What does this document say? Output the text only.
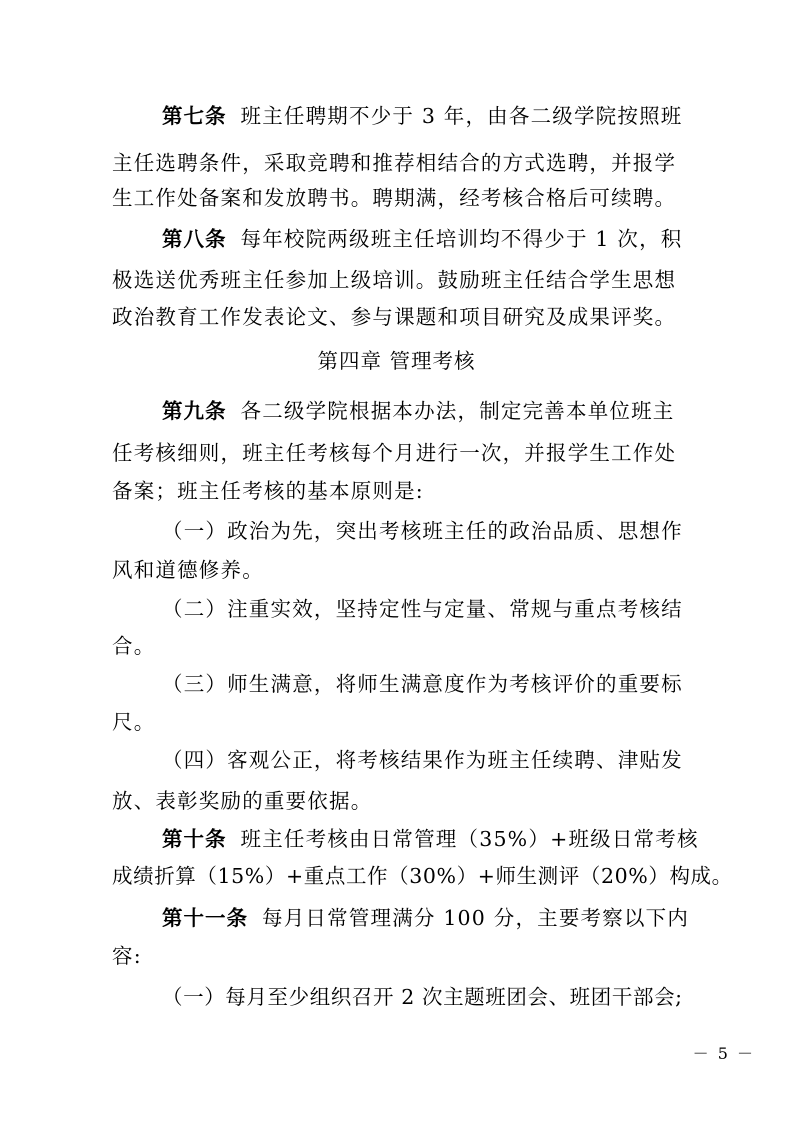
第七条 班主任聘期不少于 3 年，由各二级学院按照班
主任选聘条件，采取竞聘和推荐相结合的方式选聘，并报学
生工作处备案和发放聘书。聘期满，经考核合格后可续聘。
第八条 每年校院两级班主任培训均不得少于 1 次，积
极选送优秀班主任参加上级培训。鼓励班主任结合学生思想
政治教育工作发表论文、参与课题和项目研究及成果评奖。
第四章 管理考核
第九条 各二级学院根据本办法，制定完善本单位班主
任考核细则，班主任考核每个月进行一次，并报学生工作处
备案；班主任考核的基本原则是:
（一）政治为先，突出考核班主任的政治品质、思想作
风和道德修养。
（二）注重实效，坚持定性与定量、常规与重点考核结
合。
（三）师生满意，将师生满意度作为考核评价的重要标
尺。
（四）客观公正，将考核结果作为班主任续聘、津贴发
放、表彰奖励的重要依据。
第十条 班主任考核由日常管理（35%）+班级日常考核
成绩折算（15%）+重点工作（30%）+师生测评（20%）构成。
第十一条 每月日常管理满分 100 分，主要考察以下内
容:
（一）每月至少组织召开 2 次主题班团会、班团干部会;
－ 5 －
